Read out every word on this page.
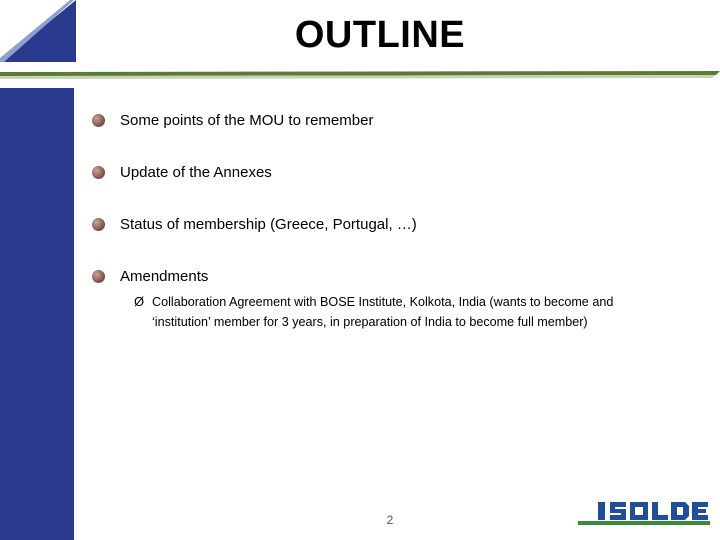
OUTLINE
Some points of the MOU to remember
Update of the Annexes
Status of membership (Greece, Portugal, …)
Amendments
Ø Collaboration Agreement with BOSE Institute, Kolkota, India (wants to become and ‘institution’ member for 3 years, in preparation of India to become full member)
2
